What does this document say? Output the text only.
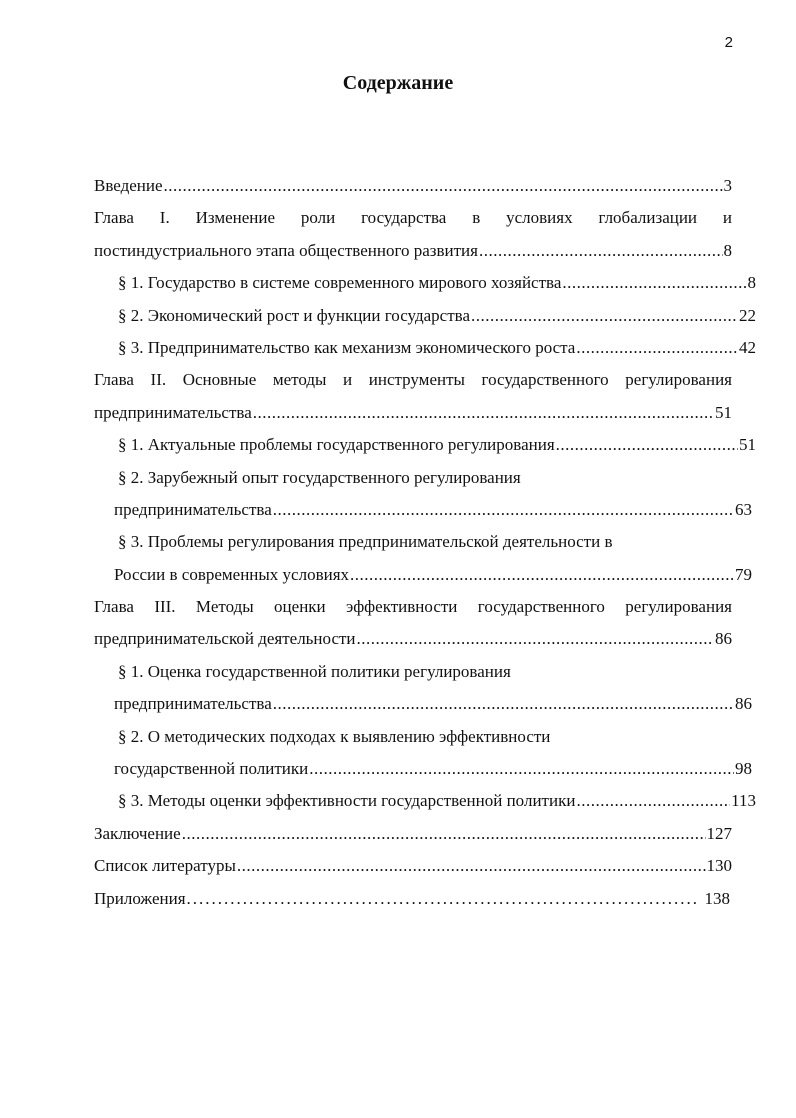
2
Содержание
Введение .....	3
Глава I. Изменение роли государства в условиях глобализации и
постиндустриального этапа общественного развития .....	8
§ 1. Государство в системе современного мирового хозяйства .....	8
§ 2. Экономический рост и функции государства .....	22
§ 3. Предпринимательство как механизм экономического роста .....	42
Глава II. Основные методы и инструменты государственного регулирования
предпринимательства .....	51
§ 1. Актуальные проблемы государственного регулирования .....	51
§ 2. Зарубежный опыт государственного регулирования
предпринимательства .....	63
§ 3. Проблемы регулирования предпринимательской деятельности в
России в современных условиях .....	79
Глава III. Методы оценки эффективности государственного регулирования
предпринимательской деятельности .....	86
§ 1. Оценка государственной политики регулирования
предпринимательства .....	86
§ 2. О методических подходах к выявлению эффективности
государственной политики .....	98
§ 3. Методы оценки эффективности государственной политики .....	113
Заключение .....	127
Список литературы .....	130
Приложения .....	138
